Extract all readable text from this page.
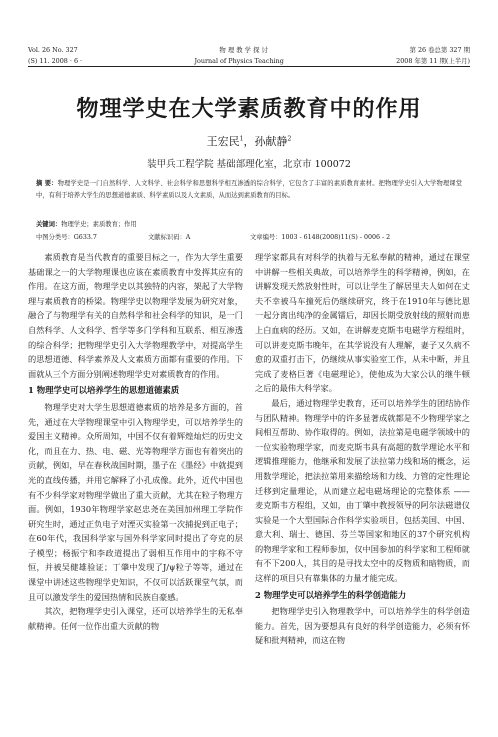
Vol. 26 No. 327	物 理 教 学 探 讨	第 26 卷总第 327 期
(S) 11. 2008 · 6 ·	Journal of Physics Teaching	2008 年第 11 期(上半月)
物理学史在大学素质教育中的作用
王宏民$^1$，孙献静$^2$
装甲兵工程学院 基础部理化室，北京市 100072
摘 要：物理学史是一门自然科学、人文科学、社会科学和思想科学相互渗透的综合科学，它包含了丰富的素质教育素材。把物理学史引入大学物理课堂中，有利于培养大学生的思想道德素质、科学素质以及人文素质，从而达到素质教育的目标。
关键词：物理学史；素质教育；作用
中图分类号：G633.7	文献标识码：A	文章编号：1003 - 6148(2008)11(S) - 0006 - 2

素质教育是当代教育的重要目标之一，作为大学生重要基础课之一的大学物理课也应该在素质教育中发挥其应有的作用。在这方面，物理学史以其独特的内容，架起了大学物理与素质教育的桥梁。物理学史以物理学发展为研究对象，融合了与物理学有关的自然科学和社会科学的知识，是一门自然科学、人文科学、哲学等多门学科和互联系、相互渗透的综合科学；把物理学史引入大学物理教学中，对提高学生的思想道德、科学素养及人文素质方面都有重要的作用。下面就从三个方面分别阐述物理学史对素质教育的作用。

1 物理学史可以培养学生的思想道德素质

物理学史对大学生思想道德素质的培养是多方面的，首先，通过在大学物理课堂中引入物理学史，可以培养学生的爱国主义精神。众所周知，中国不仅有着辉煌灿烂的历史文化，而且在力、热、电、磁、光等物理学方面也有着突出的贡献，例如，早在春秋战国时期，墨子在《墨经》中就提到光的直线传播，并用它解释了小孔成像。此外，近代中国也有不少科学家对物理学做出了重大贡献，尤其在粒子物理方面。例如，1930年物理学家赵忠尧在美国加州理工学院作研究生时，通过正负电子对湮灭实验第一次捕捉到正电子；在60年代，我国科学家与国外科学家同时提出了夸克的层子模型；杨振宁和李政道提出了弱相互作用中的宇称不守恒，并被吴健雄验证；丁肇中发现了J/ψ粒子等等，通过在课堂中讲述这些物理学史知识，不仅可以活跃课堂气氛，而且可以激发学生的爱国热情和民族自豪感。

其次，把物理学史引入课堂，还可以培养学生的无私奉献精神。任何一位作出重大贡献的物

理学家都具有对科学的执着与无私奉献的精神，通过在课堂中讲解一些相关典故，可以培养学生的科学精神，例如，在讲解发现天然放射性时，可以让学生了解居里夫人如何在丈夫不幸被马车撞死后仍继续研究，终于在1910年与德比恩一起分离出纯净的金属镭后，却因长期受放射线的照射而患上白血病的经历。又如，在讲解麦克斯韦电磁学方程组时，可以讲麦克斯韦晚年，在其学说没有人理解，妻子又久病不愈的双重打击下，仍继续从事实验室工作，从未中断，并且完成了麦格巨著《电磁理论》，使他成为大家公认的继牛顿之后的最伟大科学家。

最后，通过物理学史教育，还可以培养学生的团结协作与团队精神。物理学中的许多显著成就都是不少物理学家之间相互帮助、协作取得的。例如，法拉第是电磁学领域中的一位实验物理学家，而麦克斯韦具有高超的数学理论水平和逻辑推理能力，他继承和发展了法拉第力线和场的概念，运用数学理论，把法拉第用来描绘场和力线、力管的定性理论迁移到定量理论，从而建立起电磁场理论的完整体系 —— 麦克斯韦方程组，又如，由丁肇中教授领导的阿尔法磁谱仪实验是一个大型国际合作科学实验项目，包括美国、中国、意大利、瑞士、德国、芬兰等国家和地区的37个研究机构的物理学家和工程师参加，仅中国参加的科学家和工程师就有不下200人，其目的是寻找太空中的反物质和暗物质，而这样的项目只有靠集体的力量才能完成。

2 物理学史可以培养学生的科学创造能力

把物理学史引入物理教学中，可以培养学生的科学创造能力。首先，因为要想具有良好的科学创造能力，必须有怀疑和批判精神，而这在物
